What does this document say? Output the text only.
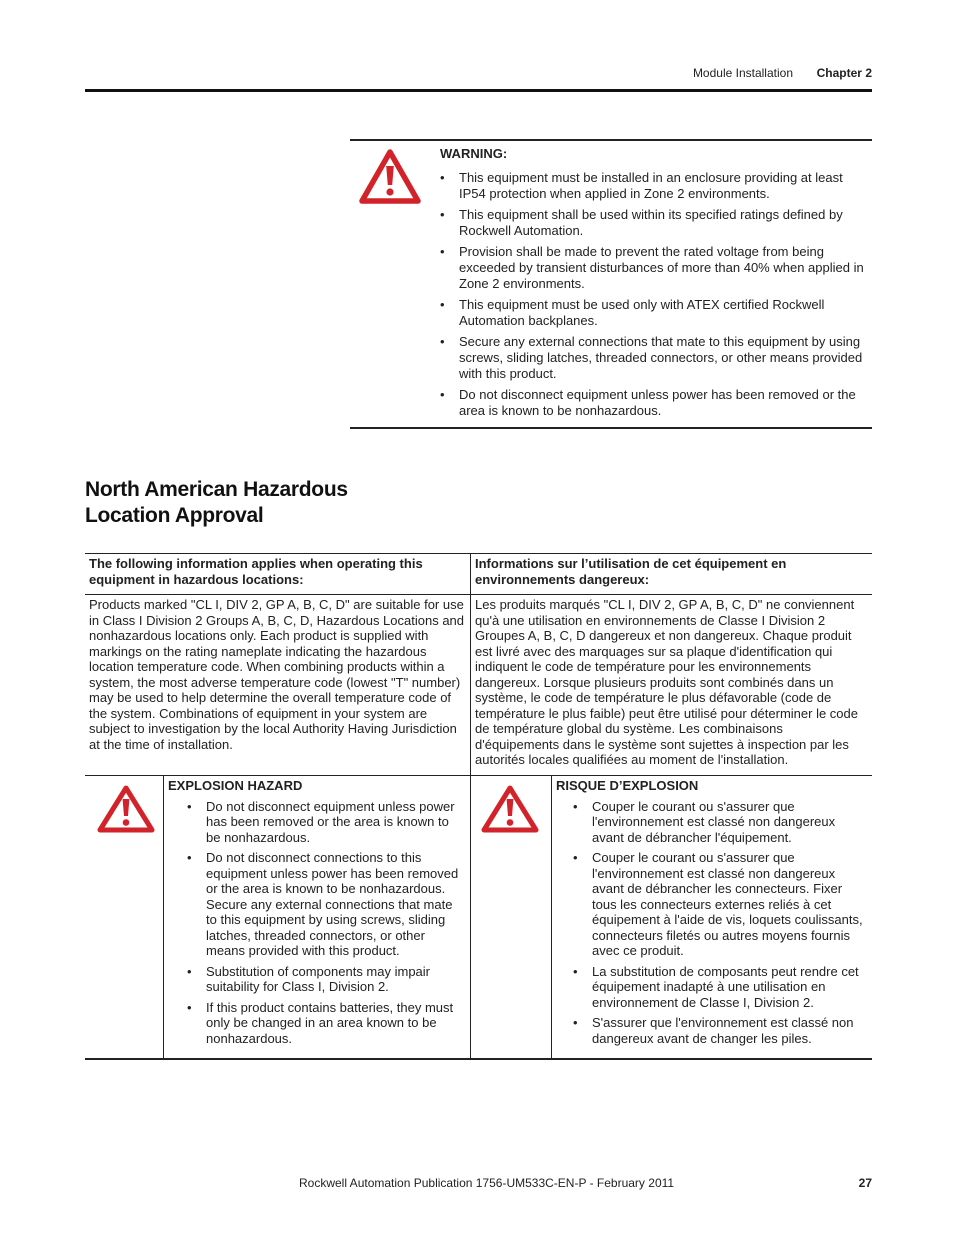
Module Installation Chapter 2
WARNING:
• This equipment must be installed in an enclosure providing at least IP54 protection when applied in Zone 2 environments.
• This equipment shall be used within its specified ratings defined by Rockwell Automation.
• Provision shall be made to prevent the rated voltage from being exceeded by transient disturbances of more than 40% when applied in Zone 2 environments.
• This equipment must be used only with ATEX certified Rockwell Automation backplanes.
• Secure any external connections that mate to this equipment by using screws, sliding latches, threaded connectors, or other means provided with this product.
• Do not disconnect equipment unless power has been removed or the area is known to be nonhazardous.
North American Hazardous
Location Approval
The following information applies when operating this equipment in hazardous locations:
Informations sur l’utilisation de cet équipement en environnements dangereux:
Products marked "CL I, DIV 2, GP A, B, C, D" are suitable for use in Class I Division 2 Groups A, B, C, D, Hazardous Locations and nonhazardous locations only. Each product is supplied with markings on the rating nameplate indicating the hazardous location temperature code. When combining products within a system, the most adverse temperature code (lowest "T" number) may be used to help determine the overall temperature code of the system. Combinations of equipment in your system are subject to investigation by the local Authority Having Jurisdiction at the time of installation.
Les produits marqués "CL I, DIV 2, GP A, B, C, D" ne conviennent qu'à une utilisation en environnements de Classe I Division 2 Groupes A, B, C, D dangereux et non dangereux. Chaque produit est livré avec des marquages sur sa plaque d'identification qui indiquent le code de température pour les environnements dangereux. Lorsque plusieurs produits sont combinés dans un système, le code de température le plus défavorable (code de température le plus faible) peut être utilisé pour déterminer le code de température global du système. Les combinaisons d'équipements dans le système sont sujettes à inspection par les autorités locales qualifiées au moment de l'installation.
EXPLOSION HAZARD
• Do not disconnect equipment unless power has been removed or the area is known to be nonhazardous.
• Do not disconnect connections to this equipment unless power has been removed or the area is known to be nonhazardous. Secure any external connections that mate to this equipment by using screws, sliding latches, threaded connectors, or other means provided with this product.
• Substitution of components may impair suitability for Class I, Division 2.
• If this product contains batteries, they must only be changed in an area known to be nonhazardous.
RISQUE D’EXPLOSION
• Couper le courant ou s'assurer que l'environnement est classé non dangereux avant de débrancher l'équipement.
• Couper le courant ou s'assurer que l'environnement est classé non dangereux avant de débrancher les connecteurs. Fixer tous les connecteurs externes reliés à cet équipement à l'aide de vis, loquets coulissants, connecteurs filetés ou autres moyens fournis avec ce produit.
• La substitution de composants peut rendre cet équipement inadapté à une utilisation en environnement de Classe I, Division 2.
• S'assurer que l'environnement est classé non dangereux avant de changer les piles.
Rockwell Automation Publication 1756-UM533C-EN-P - February 2011	27
